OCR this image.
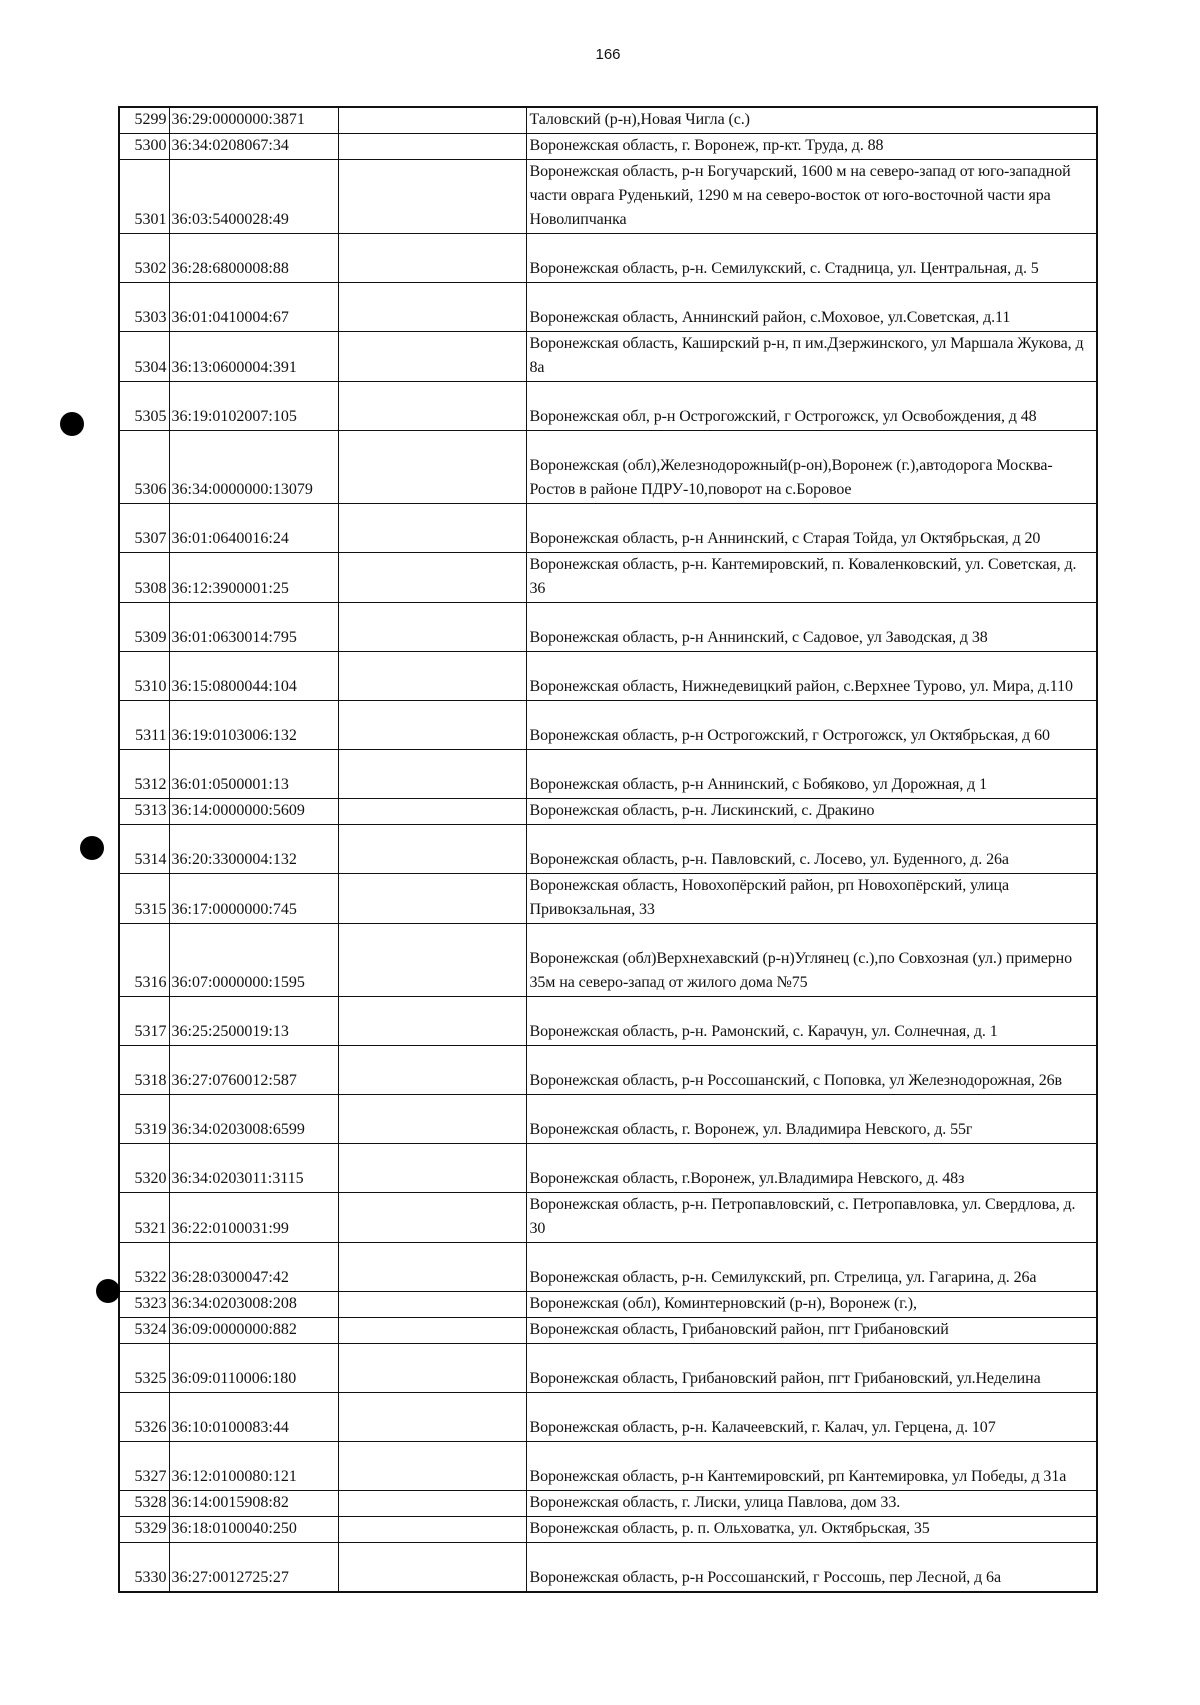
166
5299	36:29:0000000:3871		Таловский (р-н),Новая Чигла (с.)
5300	36:34:0208067:34		Воронежская область, г. Воронеж, пр-кт. Труда, д. 88
5301	36:03:5400028:49		Воронежская область, р-н Богучарский, 1600 м на северо-запад от юго-западной части оврага Руденький, 1290 м на северо-восток от юго-восточной части яра Новолипчанка
5302	36:28:6800008:88		Воронежская область, р-н. Семилукский, с. Стадница, ул. Центральная, д. 5
5303	36:01:0410004:67		Воронежская область, Аннинский район, с.Моховое, ул.Советская, д.11
5304	36:13:0600004:391		Воронежская область, Каширский р-н, п им.Дзержинского, ул Маршала Жукова, д 8а
5305	36:19:0102007:105		Воронежская обл, р-н Острогожский, г Острогожск, ул Освобождения, д 48
5306	36:34:0000000:13079		Воронежская (обл),Железнодорожный(р-он),Воронеж (г.),автодорога Москва-Ростов в районе ПДРУ-10,поворот на с.Боровое
5307	36:01:0640016:24		Воронежская область, р-н Аннинский, с Старая Тойда, ул Октябрьская, д 20
5308	36:12:3900001:25		Воронежская область, р-н. Кантемировский, п. Коваленковский, ул. Советская, д. 36
5309	36:01:0630014:795		Воронежская область, р-н Аннинский, с Садовое, ул Заводская, д 38
5310	36:15:0800044:104		Воронежская область, Нижнедевицкий район, с.Верхнее Турово, ул. Мира, д.110
5311	36:19:0103006:132		Воронежская область, р-н Острогожский, г Острогожск, ул Октябрьская, д 60
5312	36:01:0500001:13		Воронежская область, р-н Аннинский, с Бобяково, ул Дорожная, д 1
5313	36:14:0000000:5609		Воронежская область, р-н. Лискинский, с. Дракино
5314	36:20:3300004:132		Воронежская область, р-н. Павловский, с. Лосево, ул. Буденного, д. 26а
5315	36:17:0000000:745		Воронежская область, Новохопёрский район, рп Новохопёрский, улица Привокзальная, 33
5316	36:07:0000000:1595		Воронежская (обл)Верхнехавский (р-н)Углянец (с.),по Совхозная (ул.) примерно 35м на северо-запад от жилого дома №75
5317	36:25:2500019:13		Воронежская область, р-н. Рамонский, с. Карачун, ул. Солнечная, д. 1
5318	36:27:0760012:587		Воронежская область, р-н Россошанский, с Поповка, ул Железнодорожная, 26в
5319	36:34:0203008:6599		Воронежская область, г. Воронеж, ул. Владимира Невского, д. 55г
5320	36:34:0203011:3115		Воронежская область, г.Воронеж, ул.Владимира Невского, д. 48з
5321	36:22:0100031:99		Воронежская область, р-н. Петропавловский, с. Петропавловка, ул. Свердлова, д. 30
5322	36:28:0300047:42		Воронежская область, р-н. Семилукский, рп. Стрелица, ул. Гагарина, д. 26а
5323	36:34:0203008:208		Воронежская (обл), Коминтерновский (р-н), Воронеж (г.),
5324	36:09:0000000:882		Воронежская область, Грибановский район, пгт Грибановский
5325	36:09:0110006:180		Воронежская область, Грибановский район, пгт Грибановский, ул.Неделина
5326	36:10:0100083:44		Воронежская область, р-н. Калачеевский, г. Калач, ул. Герцена, д. 107
5327	36:12:0100080:121		Воронежская область, р-н Кантемировский, рп Кантемировка, ул Победы, д 31а
5328	36:14:0015908:82		Воронежская область, г. Лиски, улица Павлова, дом 33.
5329	36:18:0100040:250		Воронежская область, р. п. Ольховатка, ул. Октябрьская, 35
5330	36:27:0012725:27		Воронежская область, р-н Россошанский, г Россошь, пер Лесной, д 6а
